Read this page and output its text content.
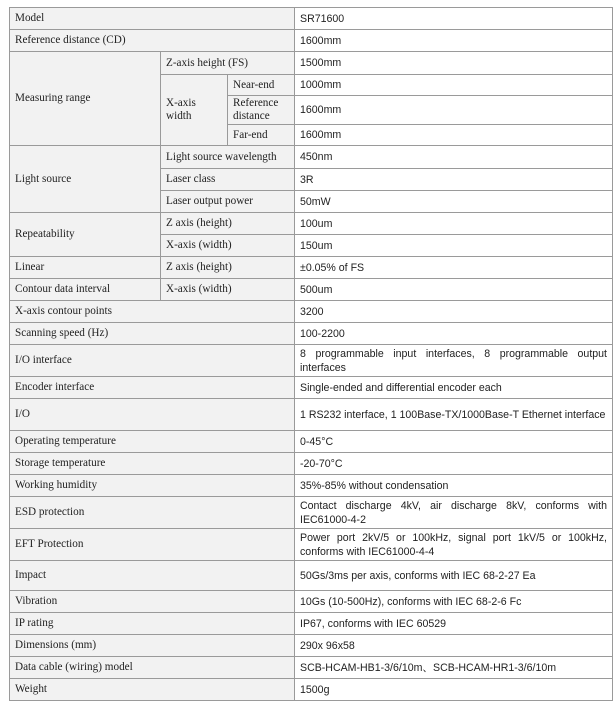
Model			SR71600
Reference distance (CD)			1600mm
Measuring range	Z-axis height (FS)		1500mm
	X-axis width	Near-end	1000mm
		Reference distance	1600mm
		Far-end	1600mm
Light source	Light source wavelength		450nm
	Laser class		3R
	Laser output power		50mW
Repeatability	Z axis (height)		100um
	X-axis (width)		150um
Linear	Z axis (height)		±0.05% of FS
Contour data interval	X-axis (width)		500um
X-axis contour points			3200
Scanning speed (Hz)			100-2200
I/O interface			8 programmable input interfaces, 8 programmable output interfaces
Encoder interface			Single-ended and differential encoder each
I/O			1 RS232 interface, 1 100Base-TX/1000Base-T Ethernet interface
Operating temperature			0-45°C
Storage temperature			-20-70°C
Working humidity			35%-85% without condensation
ESD protection			Contact discharge 4kV, air discharge 8kV, conforms with IEC61000-4-2
EFT Protection			Power port 2kV/5 or 100kHz, signal port 1kV/5 or 100kHz, conforms with IEC61000-4-4
Impact			50Gs/3ms per axis, conforms with IEC 68-2-27 Ea
Vibration			10Gs (10-500Hz), conforms with IEC 68-2-6 Fc
IP rating			IP67, conforms with IEC 60529
Dimensions (mm)			290x 96x58
Data cable (wiring) model			SCB-HCAM-HB1-3/6/10m、SCB-HCAM-HR1-3/6/10m
Weight			1500g
